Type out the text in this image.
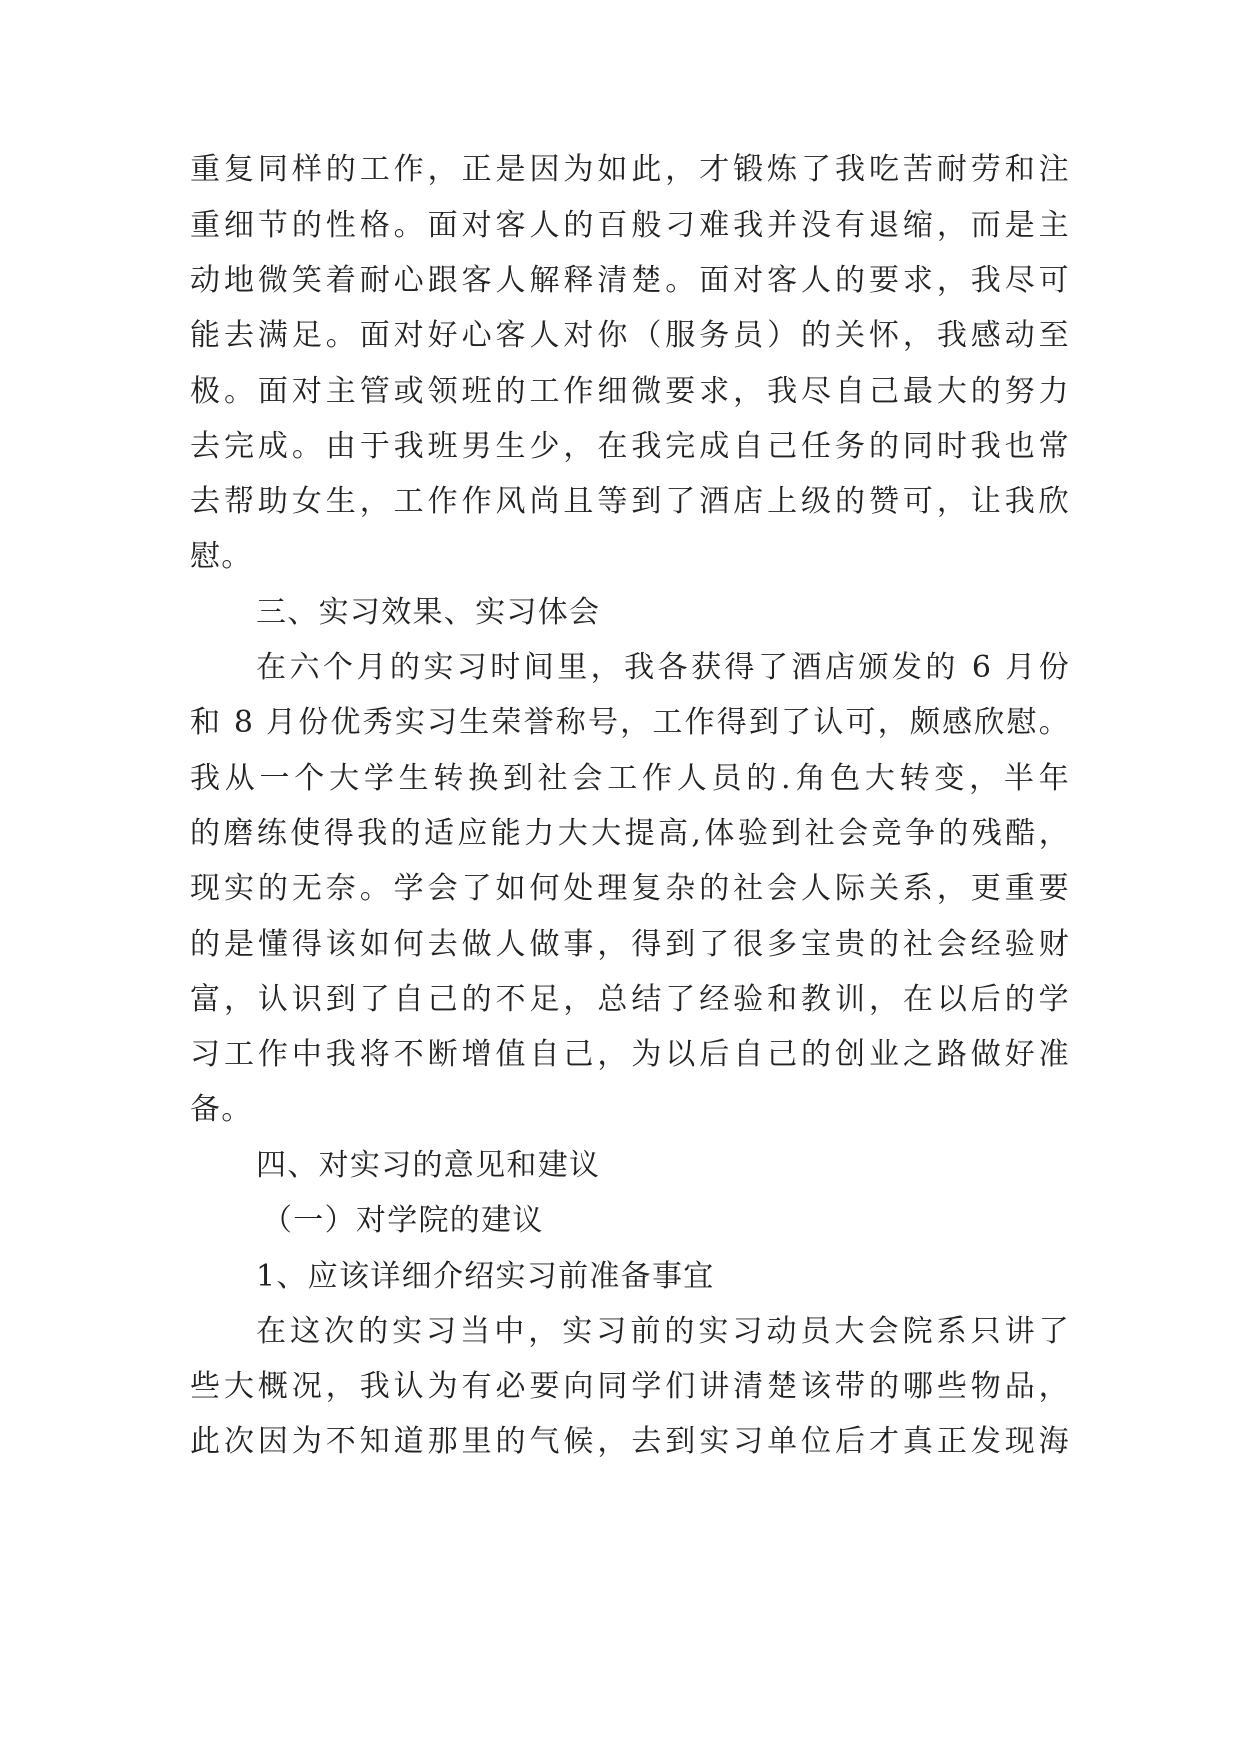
重复同样的工作，正是因为如此，才锻炼了我吃苦耐劳和注
重细节的性格。面对客人的百般刁难我并没有退缩，而是主
动地微笑着耐心跟客人解释清楚。面对客人的要求，我尽可
能去满足。面对好心客人对你（服务员）的关怀，我感动至
极。面对主管或领班的工作细微要求，我尽自己最大的努力
去完成。由于我班男生少，在我完成自己任务的同时我也常
去帮助女生，工作作风尚且等到了酒店上级的赞可，让我欣
慰。
三、实习效果、实习体会
在六个月的实习时间里，我各获得了酒店颁发的 6 月份
和 8 月份优秀实习生荣誉称号，工作得到了认可，颇感欣慰。
我从一个大学生转换到社会工作人员的.角色大转变，半年
的磨练使得我的适应能力大大提高,体验到社会竞争的残酷，
现实的无奈。学会了如何处理复杂的社会人际关系，更重要
的是懂得该如何去做人做事，得到了很多宝贵的社会经验财
富，认识到了自己的不足，总结了经验和教训，在以后的学
习工作中我将不断增值自己，为以后自己的创业之路做好准
备。
四、对实习的意见和建议
（一）对学院的建议
1、应该详细介绍实习前准备事宜
在这次的实习当中，实习前的实习动员大会院系只讲了
些大概况，我认为有必要向同学们讲清楚该带的哪些物品，
此次因为不知道那里的气候，去到实习单位后才真正发现海
